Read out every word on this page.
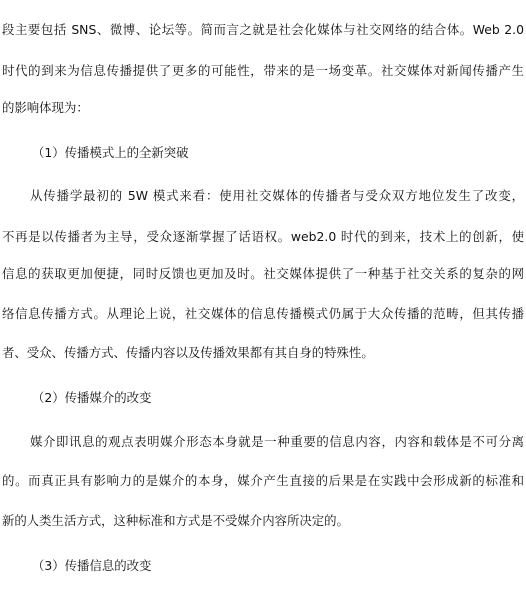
段主要包括 SNS、微博、论坛等。简而言之就是社会化媒体与社交网络的结合体。Web 2.0
时代的到来为信息传播提供了更多的可能性，带来的是一场变革。社交媒体对新闻传播产生
的影响体现为：
（1）传播模式上的全新突破
从传播学最初的 5W 模式来看：使用社交媒体的传播者与受众双方地位发生了改变，
不再是以传播者为主导，受众逐渐掌握了话语权。web2.0 时代的到来，技术上的创新，使
信息的获取更加便捷，同时反馈也更加及时。社交媒体提供了一种基于社交关系的复杂的网
络信息传播方式。从理论上说，社交媒体的信息传播模式仍属于大众传播的范畴，但其传播
者、受众、传播方式、传播内容以及传播效果都有其自身的特殊性。
（2）传播媒介的改变
媒介即讯息的观点表明媒介形态本身就是一种重要的信息内容，内容和载体是不可分离
的。而真正具有影响力的是媒介的本身，媒介产生直接的后果是在实践中会形成新的标准和
新的人类生活方式，这种标准和方式是不受媒介内容所决定的。
（3）传播信息的改变
